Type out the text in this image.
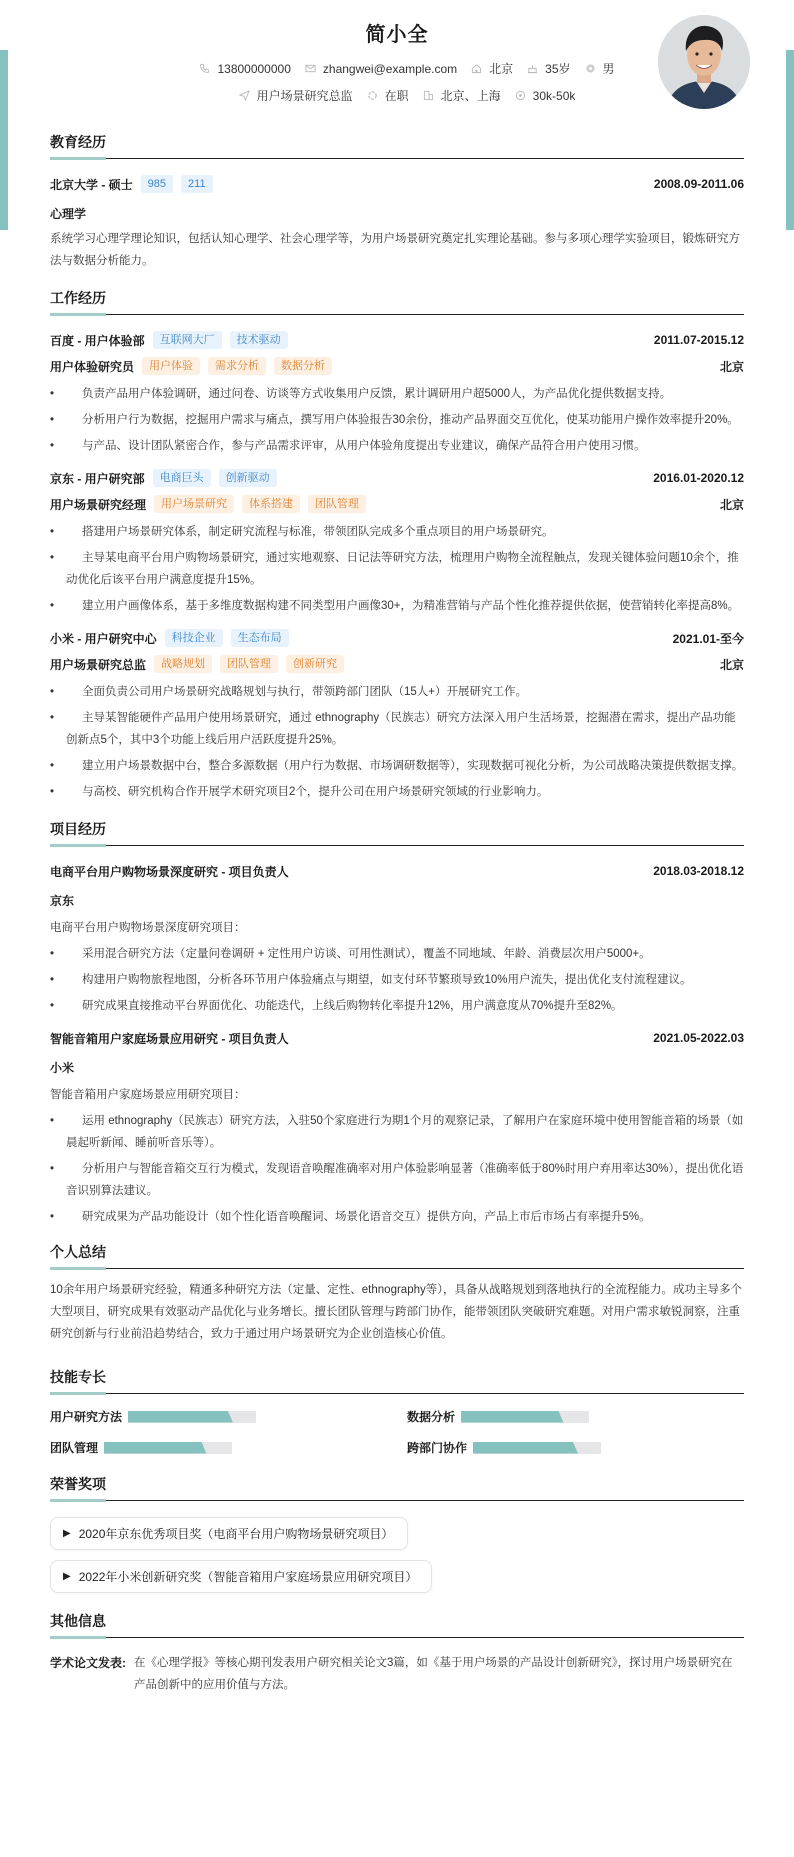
简小全
13800000000	zhangwei@example.com	北京	35岁	男
用户场景研究总监	在职	北京、上海	30k-50k
教育经历
北京大学 - 硕士	985	211	2008.09-2011.06
心理学
系统学习心理学理论知识，包括认知心理学、社会心理学等，为用户场景研究奠定扎实理论基础。参与多项心理学实验项目，锻炼研究方法与数据分析能力。
工作经历
百度 - 用户体验部	互联网大厂	技术驱动	2011.07-2015.12
用户体验研究员	用户体验	需求分析	数据分析	北京
• 负责产品用户体验调研，通过问卷、访谈等方式收集用户反馈，累计调研用户超5000人，为产品优化提供数据支持。
• 分析用户行为数据，挖掘用户需求与痛点，撰写用户体验报告30余份，推动产品界面交互优化，使某功能用户操作效率提升20%。
• 与产品、设计团队紧密合作，参与产品需求评审，从用户体验角度提出专业建议，确保产品符合用户使用习惯。
京东 - 用户研究部	电商巨头	创新驱动	2016.01-2020.12
用户场景研究经理	用户场景研究	体系搭建	团队管理	北京
• 搭建用户场景研究体系，制定研究流程与标准，带领团队完成多个重点项目的用户场景研究。
• 主导某电商平台用户购物场景研究，通过实地观察、日记法等研究方法，梳理用户购物全流程触点，发现关键体验问题10余个，推动优化后该平台用户满意度提升15%。
• 建立用户画像体系，基于多维度数据构建不同类型用户画像30+，为精准营销与产品个性化推荐提供依据，使营销转化率提高8%。
小米 - 用户研究中心	科技企业	生态布局	2021.01-至今
用户场景研究总监	战略规划	团队管理	创新研究	北京
• 全面负责公司用户场景研究战略规划与执行，带领跨部门团队（15人+）开展研究工作。
• 主导某智能硬件产品用户使用场景研究，通过 ethnography（民族志）研究方法深入用户生活场景，挖掘潜在需求，提出产品功能创新点5个，其中3个功能上线后用户活跃度提升25%。
• 建立用户场景数据中台，整合多源数据（用户行为数据、市场调研数据等），实现数据可视化分析，为公司战略决策提供数据支撑。
• 与高校、研究机构合作开展学术研究项目2个，提升公司在用户场景研究领域的行业影响力。
项目经历
电商平台用户购物场景深度研究 - 项目负责人	2018.03-2018.12
京东
电商平台用户购物场景深度研究项目：
• 采用混合研究方法（定量问卷调研 + 定性用户访谈、可用性测试），覆盖不同地域、年龄、消费层次用户5000+。
• 构建用户购物旅程地图，分析各环节用户体验痛点与期望，如支付环节繁琐导致10%用户流失，提出优化支付流程建议。
• 研究成果直接推动平台界面优化、功能迭代，上线后购物转化率提升12%，用户满意度从70%提升至82%。
智能音箱用户家庭场景应用研究 - 项目负责人	2021.05-2022.03
小米
智能音箱用户家庭场景应用研究项目：
• 运用 ethnography（民族志）研究方法，入驻50个家庭进行为期1个月的观察记录，了解用户在家庭环境中使用智能音箱的场景（如晨起听新闻、睡前听音乐等）。
• 分析用户与智能音箱交互行为模式，发现语音唤醒准确率对用户体验影响显著（准确率低于80%时用户弃用率达30%），提出优化语音识别算法建议。
• 研究成果为产品功能设计（如个性化语音唤醒词、场景化语音交互）提供方向，产品上市后市场占有率提升5%。
个人总结
10余年用户场景研究经验，精通多种研究方法（定量、定性、ethnography等），具备从战略规划到落地执行的全流程能力。成功主导多个大型项目，研究成果有效驱动产品优化与业务增长。擅长团队管理与跨部门协作，能带领团队突破研究难题。对用户需求敏锐洞察，注重研究创新与行业前沿趋势结合，致力于通过用户场景研究为企业创造核心价值。
技能专长
用户研究方法	数据分析
团队管理	跨部门协作
荣誉奖项
▶ 2020年京东优秀项目奖（电商平台用户购物场景研究项目）
▶ 2022年小米创新研究奖（智能音箱用户家庭场景应用研究项目）
其他信息
学术论文发表: 在《心理学报》等核心期刊发表用户研究相关论文3篇，如《基于用户场景的产品设计创新研究》，探讨用户场景研究在产品创新中的应用价值与方法。
